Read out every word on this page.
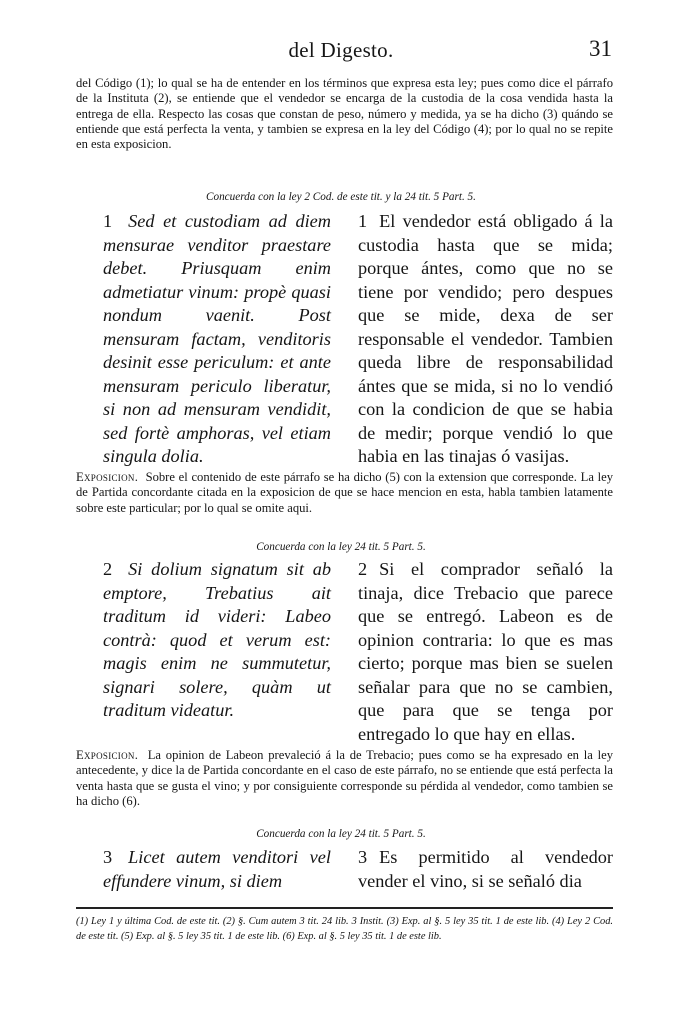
del Digesto.	31

del Código (1); lo qual se ha de entender en los términos que expresa esta ley; pues como dice el párrafo de la Instituta (2), se entiende que el vendedor se encarga de la custodia de la cosa vendida hasta la entrega de ella. Respecto las cosas que constan de peso, número y medida, ya se ha dicho (3) quándo se entiende que está perfecta la venta, y tambien se expresa en la ley del Código (4); por lo qual no se repite en esta exposicion.

Concuerda con la ley 2 Cod. de este tit. y la 24 tit. 5 Part. 5.

1 Sed et custodiam ad diem mensurae venditor praestare debet. Priusquam enim admetiatur vinum: propè quasi nondum vaenit. Post mensuram factam, venditoris desinit esse periculum: et ante mensuram periculo liberatur, si non ad mensuram vendidit, sed fortè amphoras, vel etiam singula dolia.

1 El vendedor está obligado á la custodia hasta que se mida; porque ántes, como que no se tiene por vendido; pero despues que se mide, dexa de ser responsable el vendedor. Tambien queda libre de responsabilidad ántes que se mida, si no lo vendió con la condicion de que se habia de medir; porque vendió lo que habia en las tinajas ó vasijas.

Exposicion. Sobre el contenido de este párrafo se ha dicho (5) con la extension que corresponde. La ley de Partida concordante citada en la exposicion de que se hace mencion en esta, habla tambien latamente sobre este particular; por lo qual se omite aqui.

Concuerda con la ley 24 tit. 5 Part. 5.

2 Si dolium signatum sit ab emptore, Trebatius ait traditum id videri: Labeo contrà: quod et verum est: magis enim ne summutetur, signari solere, quàm ut traditum videatur.

2 Si el comprador señaló la tinaja, dice Trebacio que parece que se entregó. Labeon es de opinion contraria: lo que es mas cierto; porque mas bien se suelen señalar para que no se cambien, que para que se tenga por entregado lo que hay en ellas.

Exposicion. La opinion de Labeon prevaleció á la de Trebacio; pues como se ha expresado en la ley antecedente, y dice la de Partida concordante en el caso de este párrafo, no se entiende que está perfecta la venta hasta que se gusta el vino; y por consiguiente corresponde su pérdida al vendedor, como tambien se ha dicho (6).

Concuerda con la ley 24 tit. 5 Part. 5.

3 Licet autem venditori vel effundere vinum, si diem

3 Es permitido al vendedor vender el vino, si se señaló dia

(1) Ley 1 y última Cod. de este tit. (2) §. Cum autem 3 tit. 24 lib. 3 Instit. (3) Exp. al §. 5 ley 35 tit. 1 de este lib. (4) Ley 2 Cod. de este tit. (5) Exp. al §. 5 ley 35 tit. 1 de este lib. (6) Exp. al §. 5 ley 35 tit. 1 de este lib.
